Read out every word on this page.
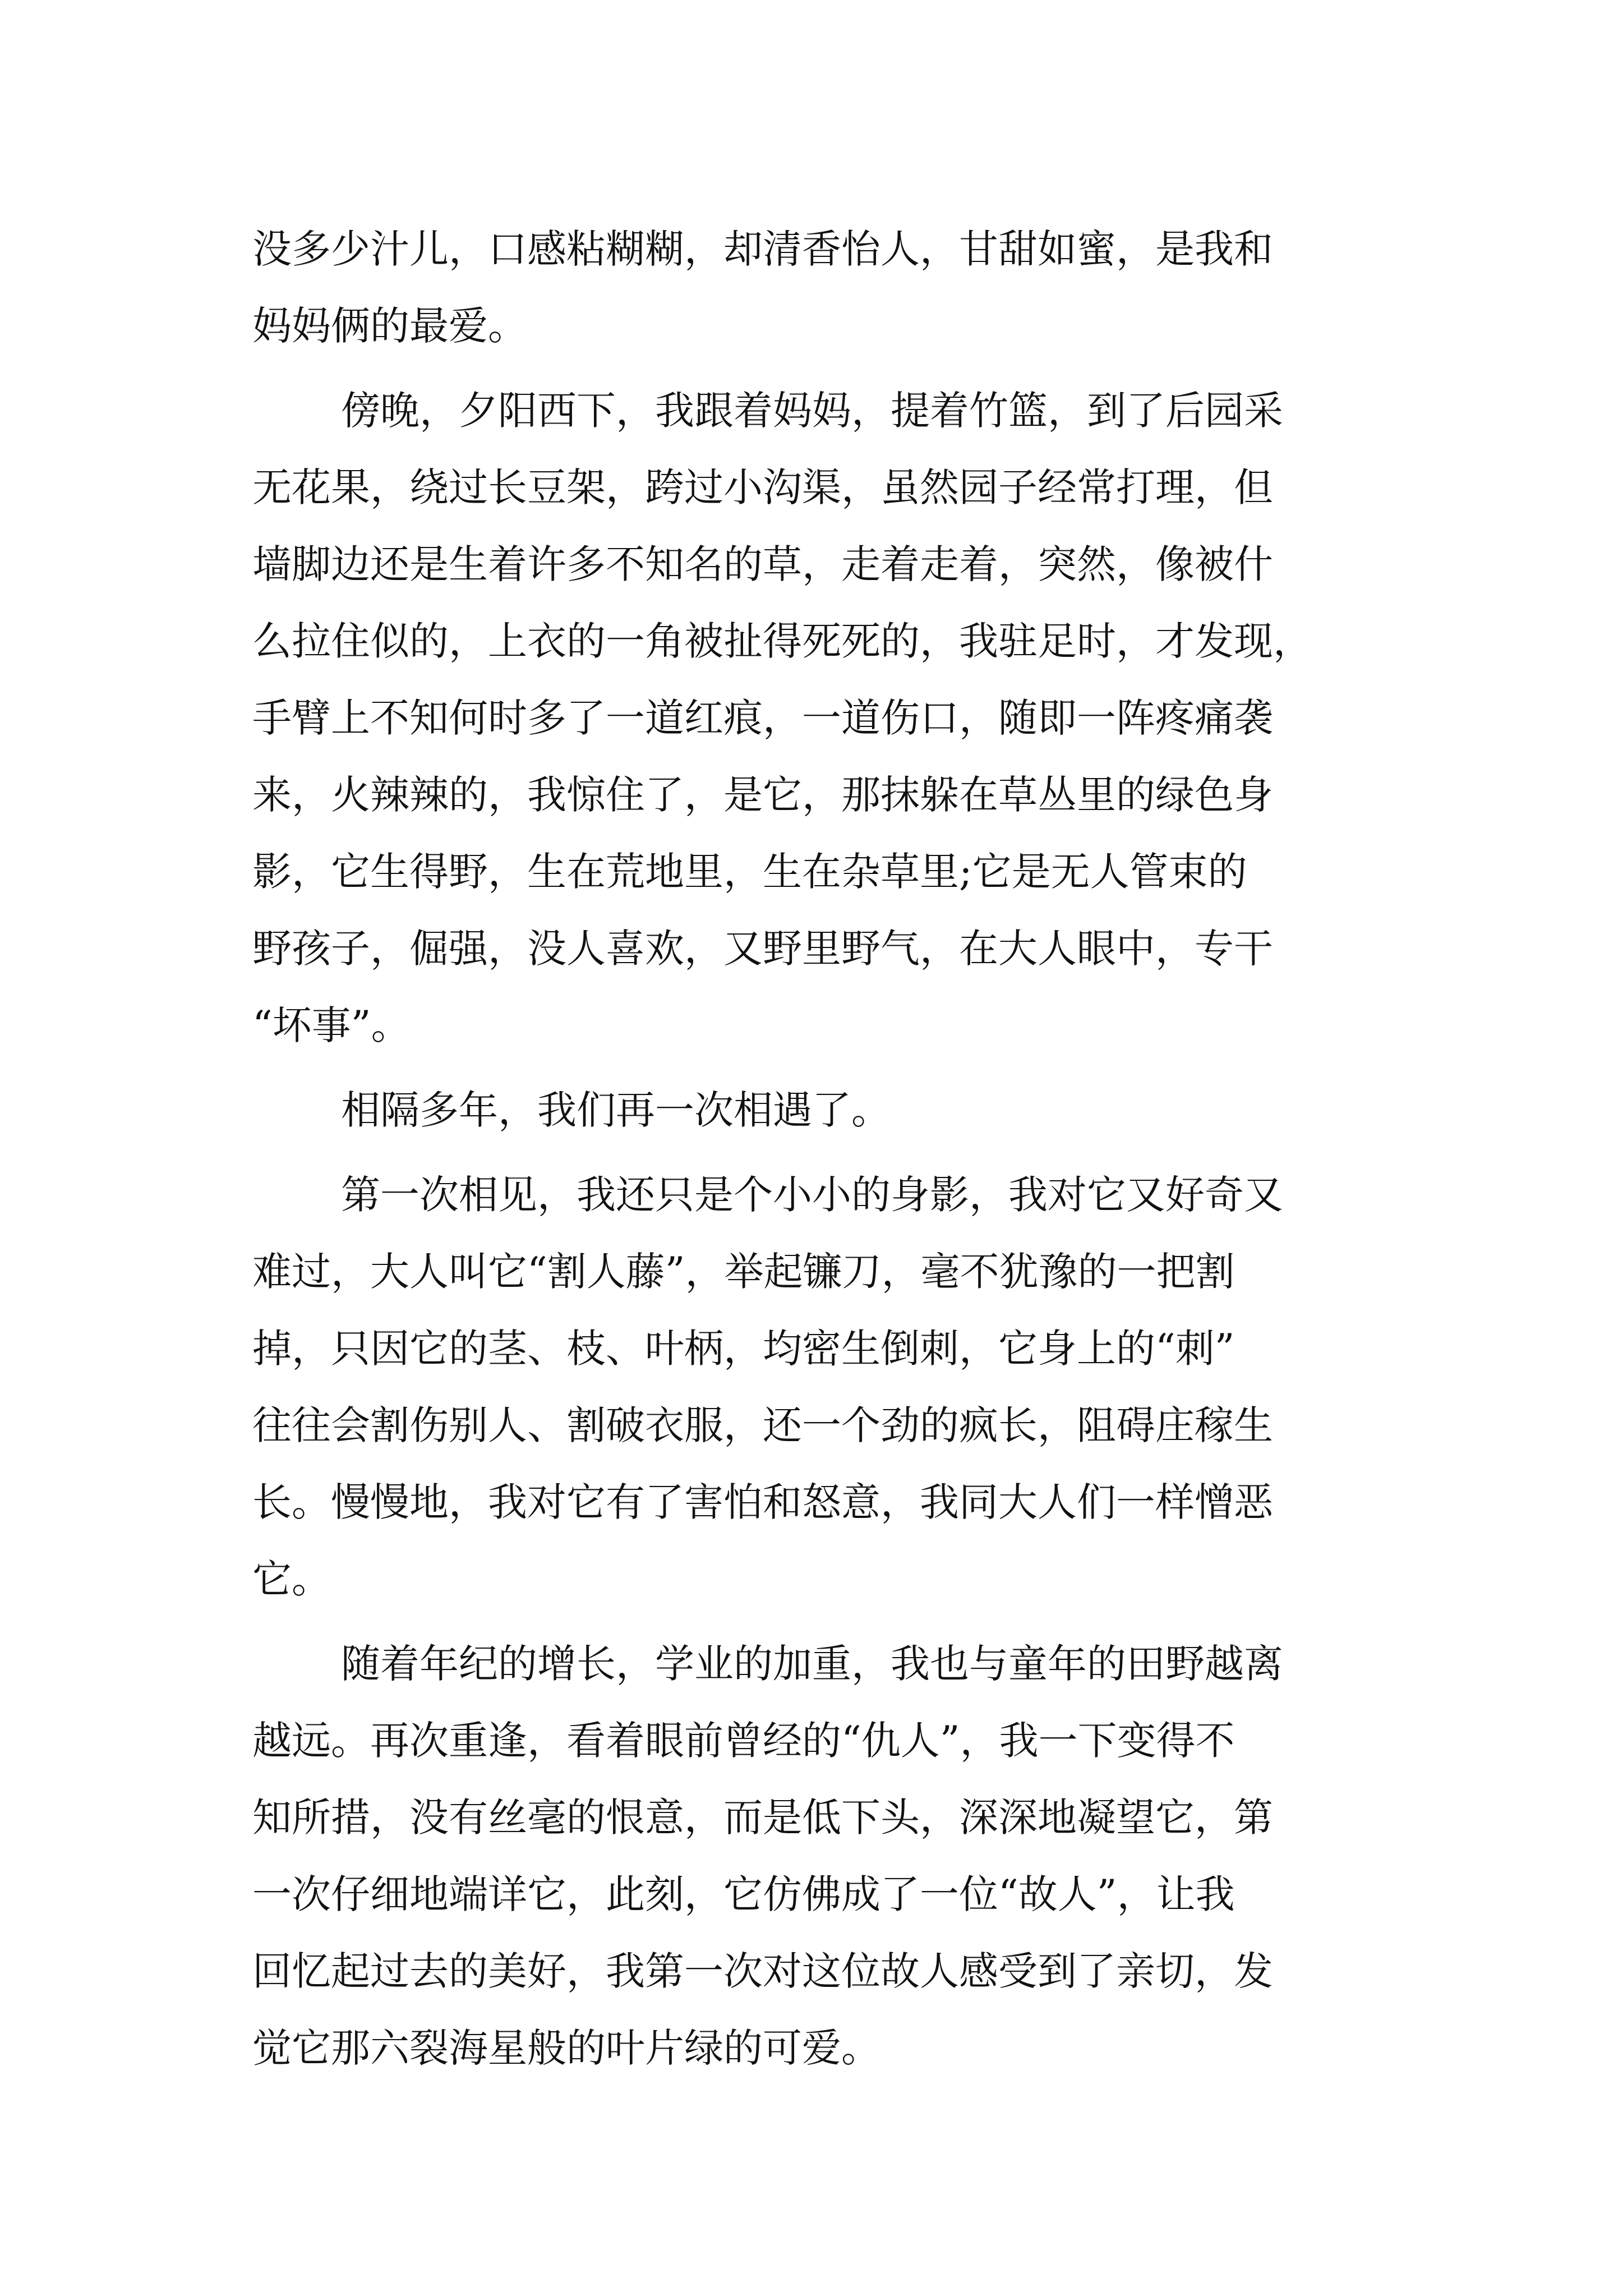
没多少汁儿，口感粘糊糊，却清香怡人，甘甜如蜜，是我和
妈妈俩的最爱。
傍晚，夕阳西下，我跟着妈妈，提着竹篮，到了后园采
无花果，绕过长豆架，跨过小沟渠，虽然园子经常打理，但
墙脚边还是生着许多不知名的草，走着走着，突然，像被什
么拉住似的，上衣的一角被扯得死死的，我驻足时，才发现，
手臂上不知何时多了一道红痕，一道伤口，随即一阵疼痛袭
来，火辣辣的，我惊住了，是它，那抹躲在草丛里的绿色身
影，它生得野，生在荒地里，生在杂草里;它是无人管束的
野孩子，倔强，没人喜欢，又野里野气，在大人眼中，专干
“坏事”。
相隔多年，我们再一次相遇了。
第一次相见，我还只是个小小的身影，我对它又好奇又
难过，大人叫它“割人藤”，举起镰刀，毫不犹豫的一把割
掉，只因它的茎、枝、叶柄，均密生倒刺，它身上的“刺”
往往会割伤别人、割破衣服，还一个劲的疯长，阻碍庄稼生
长。慢慢地，我对它有了害怕和怒意，我同大人们一样憎恶
它。
随着年纪的增长，学业的加重，我也与童年的田野越离
越远。再次重逢，看着眼前曾经的“仇人”，我一下变得不
知所措，没有丝毫的恨意，而是低下头，深深地凝望它，第
一次仔细地端详它，此刻，它仿佛成了一位“故人”，让我
回忆起过去的美好，我第一次对这位故人感受到了亲切，发
觉它那六裂海星般的叶片绿的可爱。
